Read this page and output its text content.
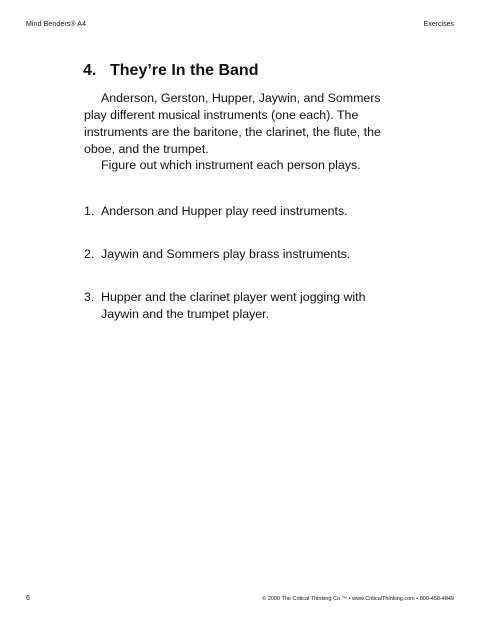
Mind Benders® A4	Exercises
4. They’re In the Band

Anderson, Gerston, Hupper, Jaywin, and Sommers play different musical instruments (one each). The instruments are the baritone, the clarinet, the flute, the oboe, and the trumpet.

Figure out which instrument each person plays.

1. Anderson and Hupper play reed instruments.
2. Jaywin and Sommers play brass instruments.
3. Hupper and the clarinet player went jogging with Jaywin and the trumpet player.
6	© 2000 The Critical Thinking Co.™ • www.CriticalThinking.com • 800-458-4849
